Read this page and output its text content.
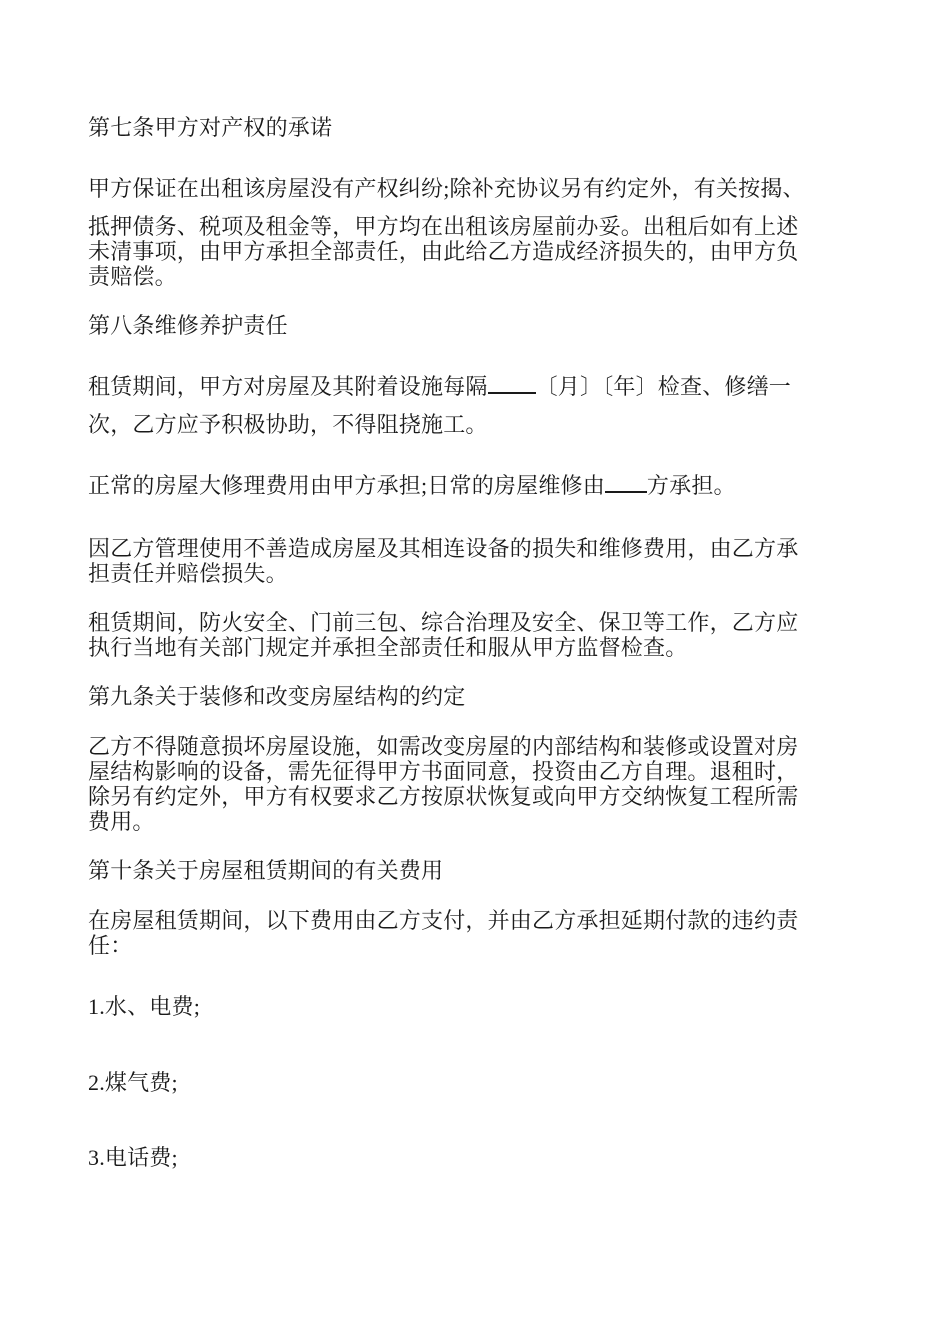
第七条甲方对产权的承诺
甲方保证在出租该房屋没有产权纠纷;除补充协议另有约定外，有关按揭、
抵押债务、税项及租金等，甲方均在出租该房屋前办妥。出租后如有上述
未清事项，由甲方承担全部责任，由此给乙方造成经济损失的，由甲方负
责赔偿。
第八条维修养护责任
租赁期间，甲方对房屋及其附着设施每隔 〔月〕〔年〕检查、修缮一
次，乙方应予积极协助，不得阻挠施工。
正常的房屋大修理费用由甲方承担;日常的房屋维修由 方承担。
因乙方管理使用不善造成房屋及其相连设备的损失和维修费用，由乙方承
担责任并赔偿损失。
租赁期间，防火安全、门前三包、综合治理及安全、保卫等工作，乙方应
执行当地有关部门规定并承担全部责任和服从甲方监督检查。
第九条关于装修和改变房屋结构的约定
乙方不得随意损坏房屋设施，如需改变房屋的内部结构和装修或设置对房
屋结构影响的设备，需先征得甲方书面同意，投资由乙方自理。退租时，
除另有约定外，甲方有权要求乙方按原状恢复或向甲方交纳恢复工程所需
费用。
第十条关于房屋租赁期间的有关费用
在房屋租赁期间，以下费用由乙方支付，并由乙方承担延期付款的违约责
任：
1.水、电费;
2.煤气费;
3.电话费;
